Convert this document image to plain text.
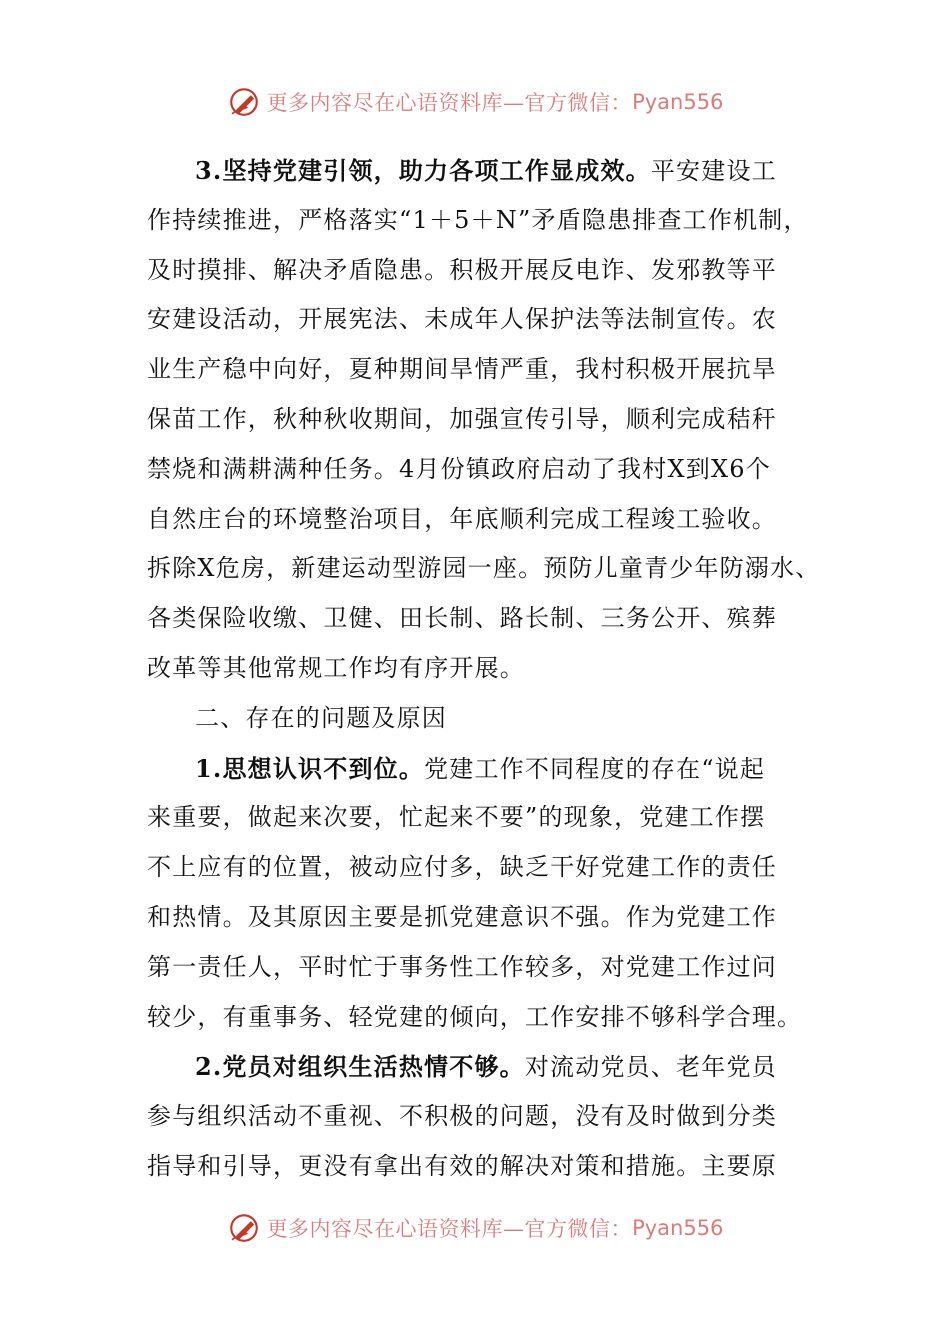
更多内容尽在心语资料库—官方微信： Pyan556
3.坚持党建引领，助力各项工作显成效。平安建设工
作持续推进，严格落实“1＋5＋N”矛盾隐患排查工作机制，
及时摸排、解决矛盾隐患。积极开展反电诈、发邪教等平
安建设活动，开展宪法、未成年人保护法等法制宣传。农
业生产稳中向好，夏种期间旱情严重，我村积极开展抗旱
保苗工作，秋种秋收期间，加强宣传引导，顺利完成秸秆
禁烧和满耕满种任务。4月份镇政府启动了我村X到X6个
自然庄台的环境整治项目，年底顺利完成工程竣工验收。
拆除X危房，新建运动型游园一座。预防儿童青少年防溺水、
各类保险收缴、卫健、田长制、路长制、三务公开、殡葬
改革等其他常规工作均有序开展。
二、存在的问题及原因
1.思想认识不到位。党建工作不同程度的存在“说起
来重要，做起来次要，忙起来不要”的现象，党建工作摆
不上应有的位置，被动应付多，缺乏干好党建工作的责任
和热情。及其原因主要是抓党建意识不强。作为党建工作
第一责任人，平时忙于事务性工作较多，对党建工作过问
较少，有重事务、轻党建的倾向，工作安排不够科学合理。
2.党员对组织生活热情不够。对流动党员、老年党员
参与组织活动不重视、不积极的问题，没有及时做到分类
指导和引导，更没有拿出有效的解决对策和措施。主要原
更多内容尽在心语资料库—官方微信： Pyan556
